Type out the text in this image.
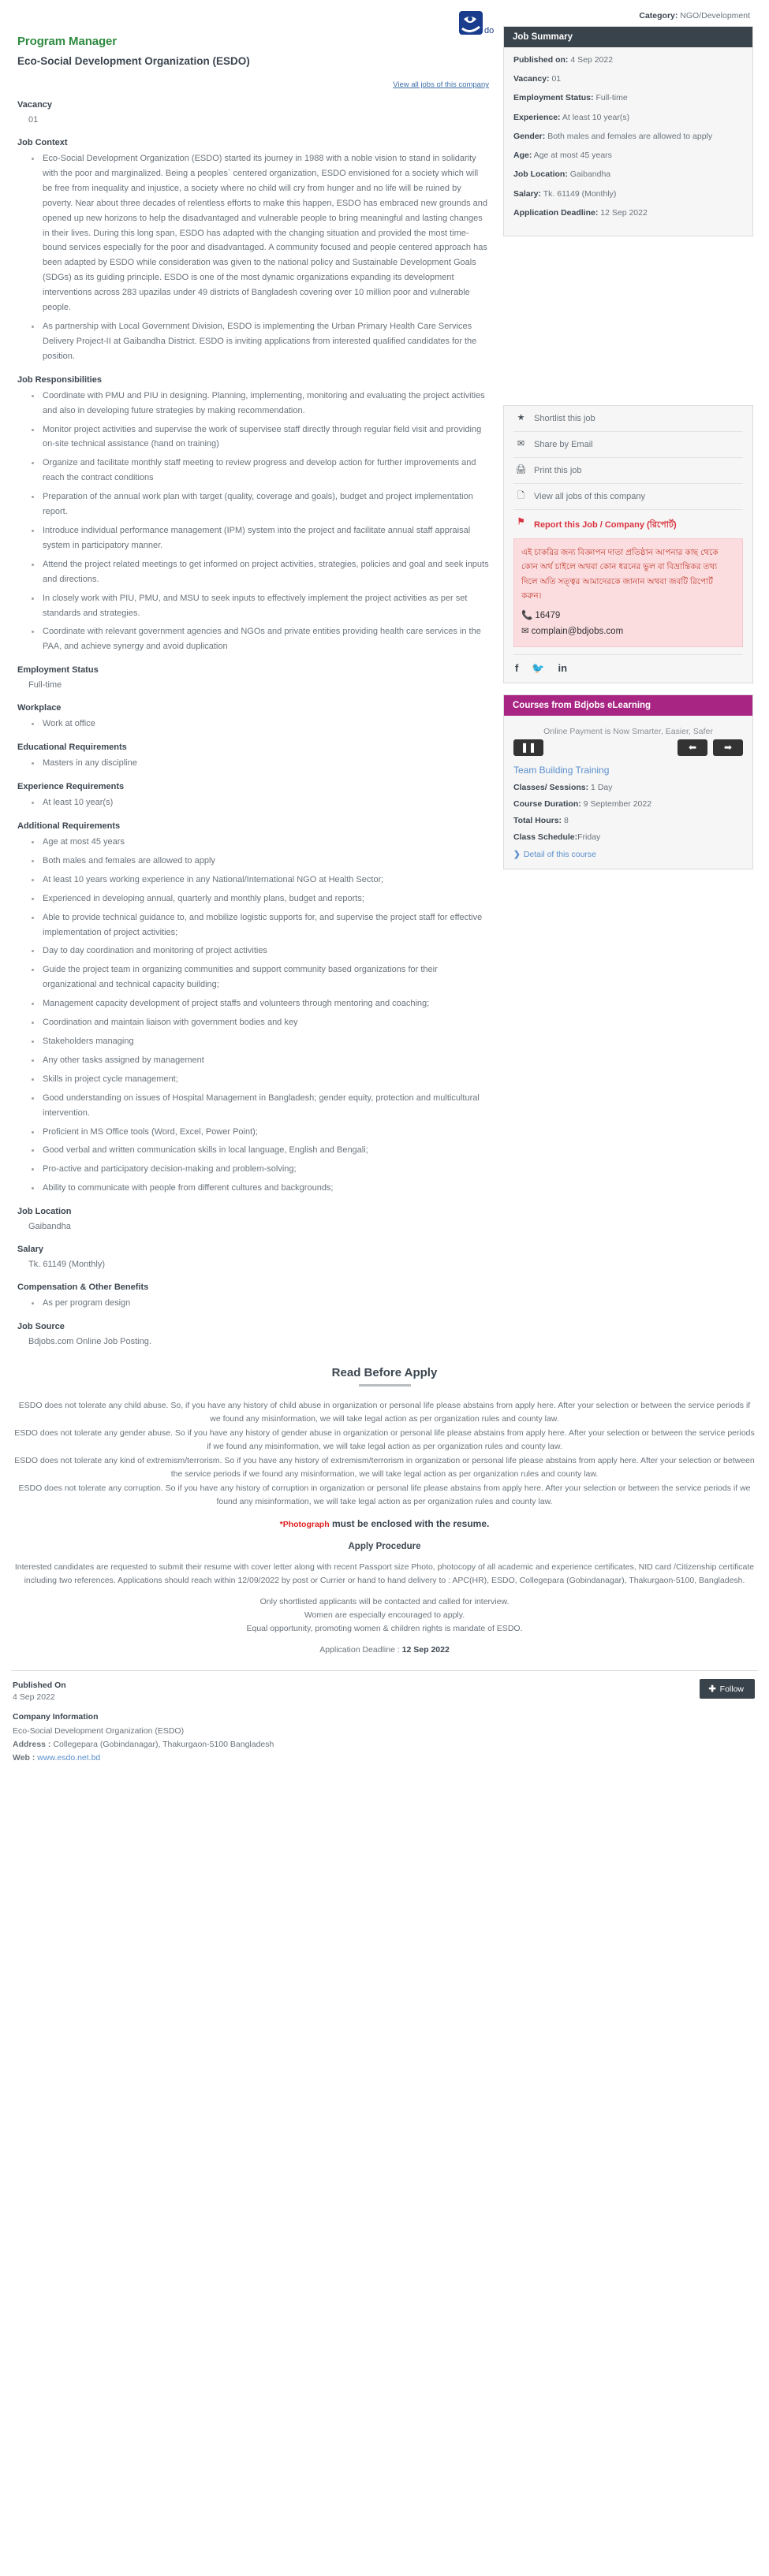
do
Program Manager
Eco-Social Development Organization (ESDO)
View all jobs of this company
Vacancy
01
Job Context
• Eco-Social Development Organization (ESDO) started its journey in 1988 with a noble vision to stand in solidarity with the poor and marginalized. Being a peoples` centered organization, ESDO envisioned for a society which will be free from inequality and injustice, a society where no child will cry from hunger and no life will be ruined by poverty. Near about three decades of relentless efforts to make this happen, ESDO has embraced new grounds and opened up new horizons to help the disadvantaged and vulnerable people to bring meaningful and lasting changes in their lives. During this long span, ESDO has adapted with the changing situation and provided the most time-bound services especially for the poor and disadvantaged. A community focused and people centered approach has been adapted by ESDO while consideration was given to the national policy and Sustainable Development Goals (SDGs) as its guiding principle. ESDO is one of the most dynamic organizations expanding its development interventions across 283 upazilas under 49 districts of Bangladesh covering over 10 million poor and vulnerable people.
• As partnership with Local Government Division, ESDO is implementing the Urban Primary Health Care Services Delivery Project-II at Gaibandha District. ESDO is inviting applications from interested qualified candidates for the position.
Job Responsibilities
• Coordinate with PMU and PIU in designing. Planning, implementing, monitoring and evaluating the project activities and also in developing future strategies by making recommendation.
• Monitor project activities and supervise the work of supervisee staff directly through regular field visit and providing on-site technical assistance (hand on training)
• Organize and facilitate monthly staff meeting to review progress and develop action for further improvements and reach the contract conditions
• Preparation of the annual work plan with target (quality, coverage and goals), budget and project implementation report.
• Introduce individual performance management (IPM) system into the project and facilitate annual staff appraisal system in participatory manner.
• Attend the project related meetings to get informed on project activities, strategies, policies and goal and seek inputs and directions.
• In closely work with PIU, PMU, and MSU to seek inputs to effectively implement the project activities as per set standards and strategies.
• Coordinate with relevant government agencies and NGOs and private entities providing health care services in the PAA, and achieve synergy and avoid duplication
Employment Status
Full-time
Workplace
• Work at office
Educational Requirements
• Masters in any discipline
Experience Requirements
• At least 10 year(s)
Additional Requirements
• Age at most 45 years
• Both males and females are allowed to apply
• At least 10 years working experience in any National/International NGO at Health Sector;
• Experienced in developing annual, quarterly and monthly plans, budget and reports;
• Able to provide technical guidance to, and mobilize logistic supports for, and supervise the project staff for effective implementation of project activities;
• Day to day coordination and monitoring of project activities
• Guide the project team in organizing communities and support community based organizations for their organizational and technical capacity building;
• Management capacity development of project staffs and volunteers through mentoring and coaching;
• Coordination and maintain liaison with government bodies and key
• Stakeholders managing
• Any other tasks assigned by management
• Skills in project cycle management;
• Good understanding on issues of Hospital Management in Bangladesh; gender equity, protection and multicultural intervention.
• Proficient in MS Office tools (Word, Excel, Power Point);
• Good verbal and written communication skills in local language, English and Bengali;
• Pro-active and participatory decision-making and problem-solving;
• Ability to communicate with people from different cultures and backgrounds;
Job Location
Gaibandha
Salary
Tk. 61149 (Monthly)
Compensation & Other Benefits
• As per program design
Job Source
Bdjobs.com Online Job Posting.
Category: NGO/Development
Job Summary
Published on: 4 Sep 2022
Vacancy: 01
Employment Status: Full-time
Experience: At least 10 year(s)
Gender: Both males and females are allowed to apply
Age: Age at most 45 years
Job Location: Gaibandha
Salary: Tk. 61149 (Monthly)
Application Deadline: 12 Sep 2022
★ Shortlist this job
✉ Share by Email
🖨 Print this job
🗋 View all jobs of this company
⚑ Report this Job / Company (রিপোর্ট)
এই চাকরির জন্য বিজ্ঞাপন দাতা প্রতিষ্ঠান আপনার কাছ থেকে কোন অর্থ চাইলে অথবা কোন ধরনের ভুল বা বিভ্রান্তিকর তথ্য দিলে অতি সত্ত্বর আমাদেরকে জানান অথবা জবটি রিপোর্ট করুন।
📞 16479
✉ complain@bdjobs.com
f 🐦 in
Courses from Bdjobs eLearning
Online Payment is Now Smarter, Easier, Safer
❚❚	⬅	➡
Team Building Training
Classes/ Sessions: 1 Day
Course Duration: 9 September 2022
Total Hours: 8
Class Schedule:Friday
❯ Detail of this course
Read Before Apply
ESDO does not tolerate any child abuse. So, if you have any history of child abuse in organization or personal life please abstains from apply here. After your selection or between the service periods if we found any misinformation, we will take legal action as per organization rules and county law.
ESDO does not tolerate any gender abuse. So if you have any history of gender abuse in organization or personal life please abstains from apply here. After your selection or between the service periods if we found any misinformation, we will take legal action as per organization rules and county law.
ESDO does not tolerate any kind of extremism/terrorism. So if you have any history of extremism/terrorism in organization or personal life please abstains from apply here. After your selection or between the service periods if we found any misinformation, we will take legal action as per organization rules and county law.
ESDO does not tolerate any corruption. So if you have any history of corruption in organization or personal life please abstains from apply here. After your selection or between the service periods if we found any misinformation, we will take legal action as per organization rules and county law.
*Photograph must be enclosed with the resume.
Apply Procedure
Interested candidates are requested to submit their resume with cover letter along with recent Passport size Photo, photocopy of all academic and experience certificates, NID card /Citizenship certificate including two references. Applications should reach within 12/09/2022 by post or Currier or hand to hand delivery to : APC(HR), ESDO, Collegepara (Gobindanagar), Thakurgaon-5100, Bangladesh.
Only shortlisted applicants will be contacted and called for interview.
Women are especially encouraged to apply.
Equal opportunity, promoting women & children rights is mandate of ESDO.
Application Deadline : 12 Sep 2022
✚ Follow
Published On
4 Sep 2022
Company Information
Eco-Social Development Organization (ESDO)
Address : Collegepara (Gobindanagar), Thakurgaon-5100 Bangladesh
Web : www.esdo.net.bd
